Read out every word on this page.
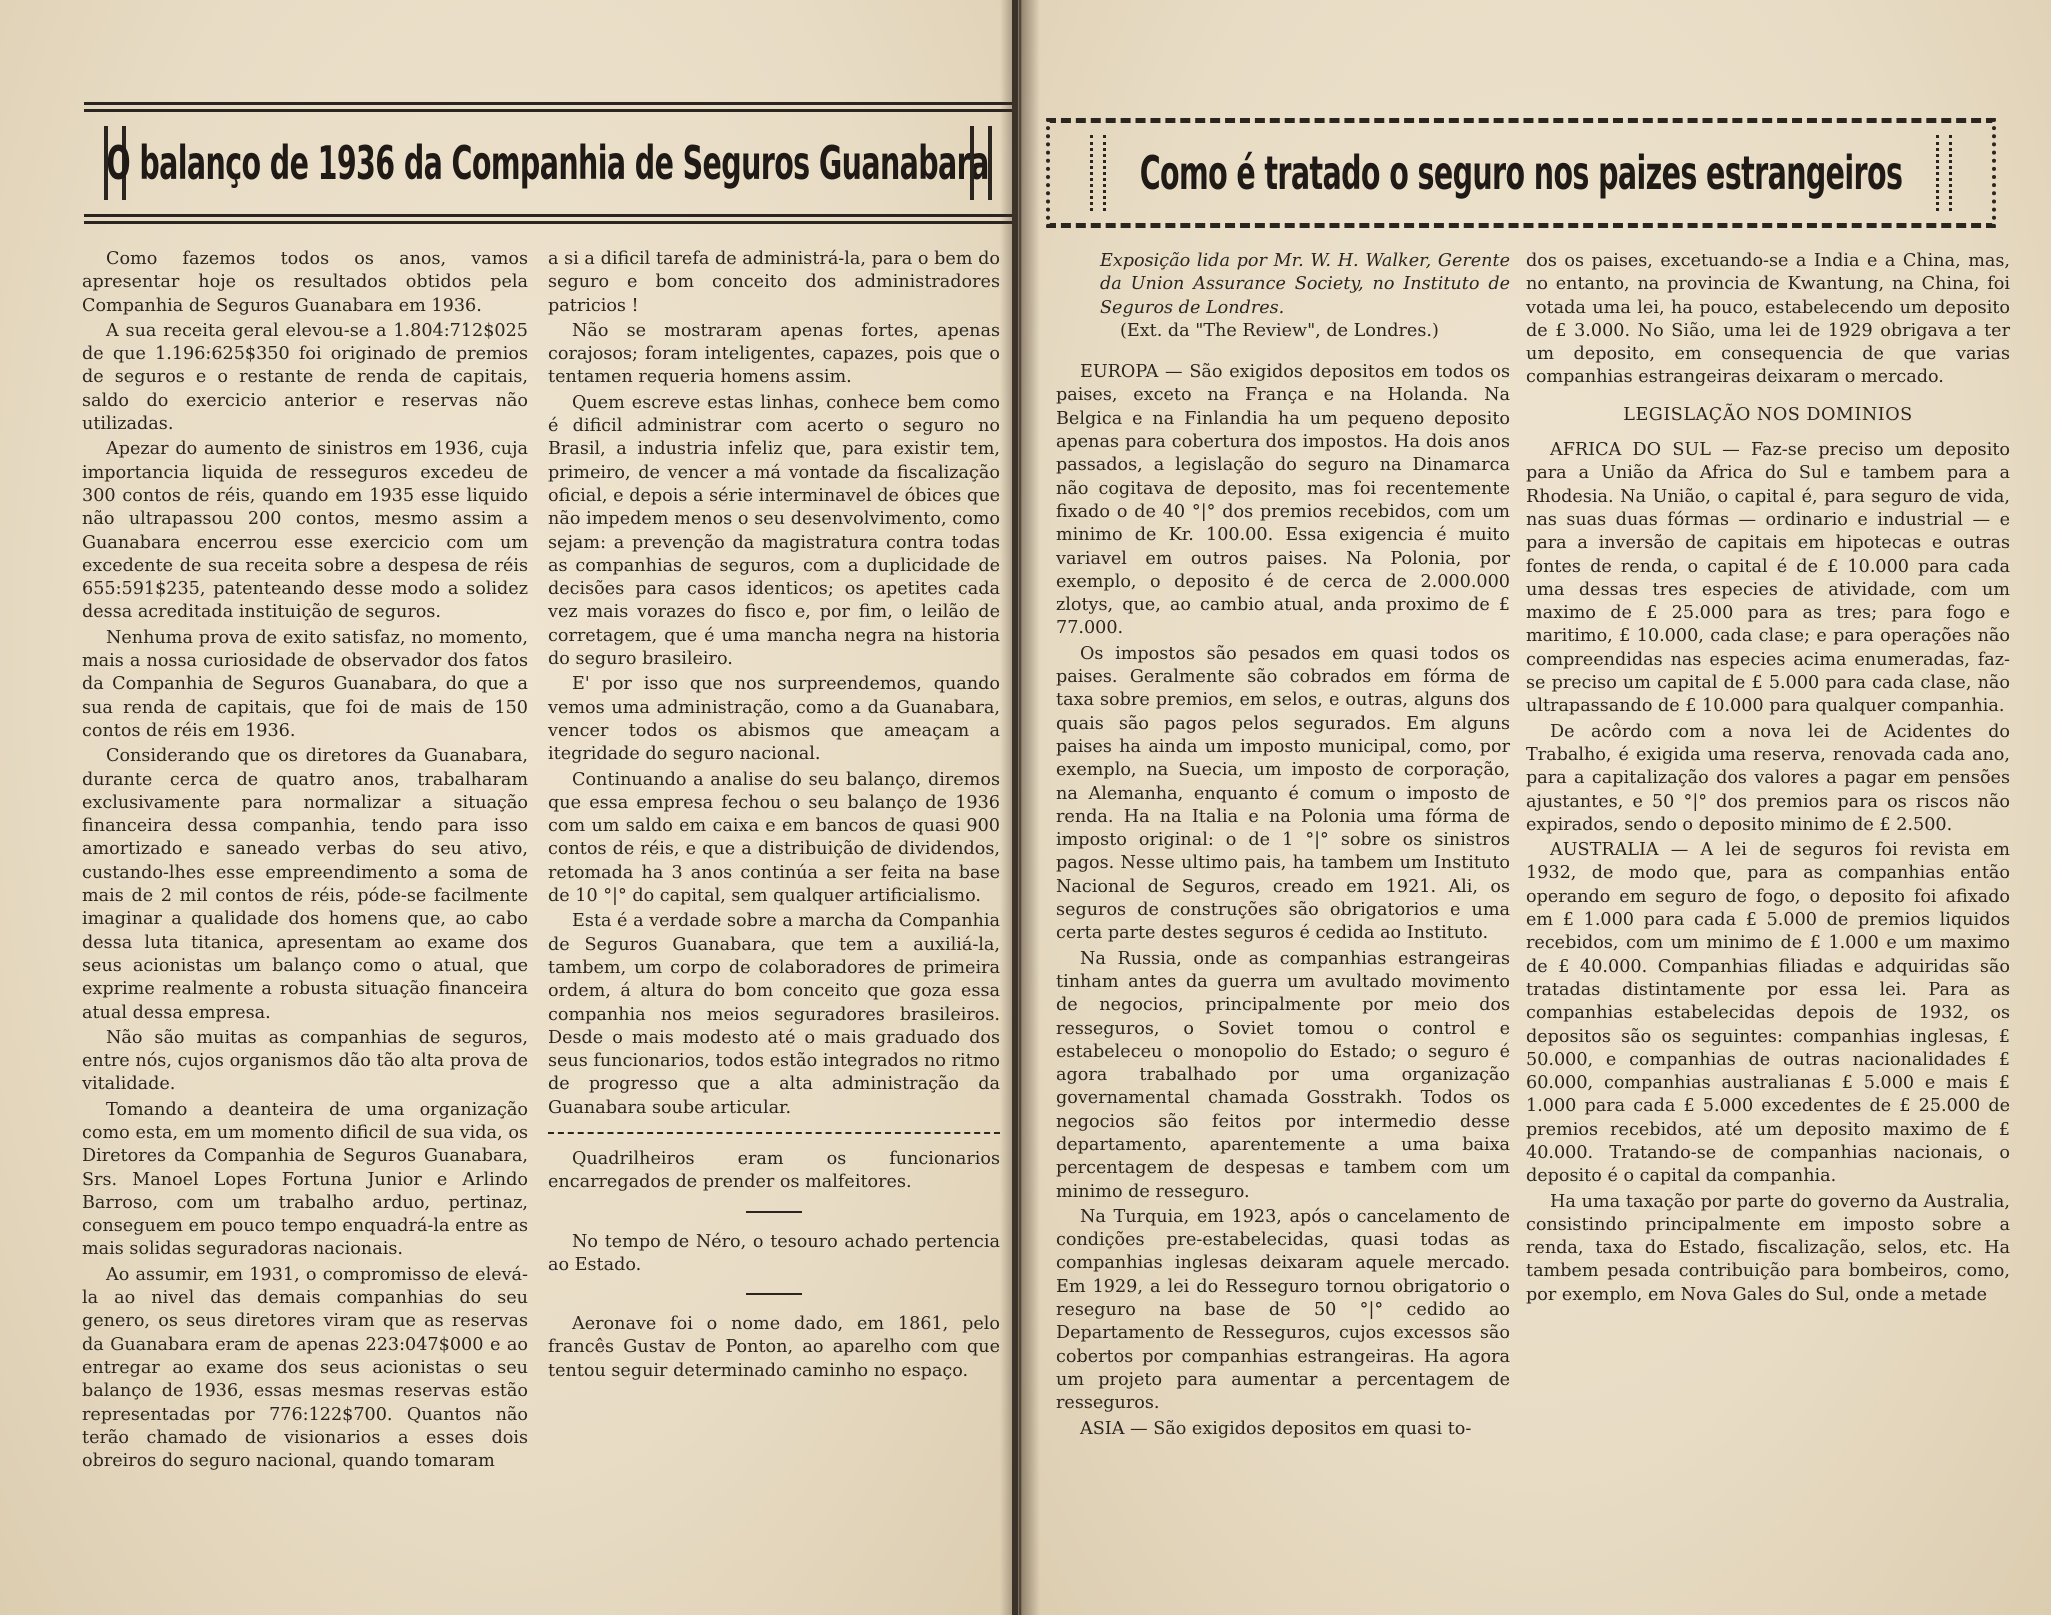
O balanço de 1936 da Companhia de Seguros Guanabara

Como fazemos todos os anos, vamos apresentar hoje os resultados obtidos pela Companhia de Seguros Guanabara em 1936.

A sua receita geral elevou-se a 1.804:712$025 de que 1.196:625$350 foi originado de premios de seguros e o restante de renda de capitais, saldo do exercicio anterior e reservas não utilizadas.

Apezar do aumento de sinistros em 1936, cuja importancia liquida de resseguros excedeu de 300 contos de réis, quando em 1935 esse liquido não ultrapassou 200 contos, mesmo assim a Guanabara encerrou esse exercicio com um excedente de sua receita sobre a despesa de réis 655:591$235, patenteando desse modo a solidez dessa acreditada instituição de seguros.

Nenhuma prova de exito satisfaz, no momento, mais a nossa curiosidade de observador dos fatos da Companhia de Seguros Guanabara, do que a sua renda de capitais, que foi de mais de 150 contos de réis em 1936.

Considerando que os diretores da Guanabara, durante cerca de quatro anos, trabalharam exclusivamente para normalizar a situação financeira dessa companhia, tendo para isso amortizado e saneado verbas do seu ativo, custando-lhes esse empreendimento a soma de mais de 2 mil contos de réis, póde-se facilmente imaginar a qualidade dos homens que, ao cabo dessa luta titanica, apresentam ao exame dos seus acionistas um balanço como o atual, que exprime realmente a robusta situação financeira atual dessa empresa.

Não são muitas as companhias de seguros, entre nós, cujos organismos dão tão alta prova de vitalidade.

Tomando a deanteira de uma organização como esta, em um momento dificil de sua vida, os Diretores da Companhia de Seguros Guanabara, Srs. Manoel Lopes Fortuna Junior e Arlindo Barroso, com um trabalho arduo, pertinaz, conseguem em pouco tempo enquadrá-la entre as mais solidas seguradoras nacionais.

Ao assumir, em 1931, o compromisso de elevá-la ao nivel das demais companhias do seu genero, os seus diretores viram que as reservas da Guanabara eram de apenas 223:047$000 e ao entregar ao exame dos seus acionistas o seu balanço de 1936, essas mesmas reservas estão representadas por 776:122$700. Quantos não terão chamado de visionarios a esses dois obreiros do seguro nacional, quando tomaram

a si a dificil tarefa de administrá-la, para o bem do seguro e bom conceito dos administradores patricios !

Não se mostraram apenas fortes, apenas corajosos; foram inteligentes, capazes, pois que o tentamen requeria homens assim.

Quem escreve estas linhas, conhece bem como é dificil administrar com acerto o seguro no Brasil, a industria infeliz que, para existir tem, primeiro, de vencer a má vontade da fiscalização oficial, e depois a série interminavel de óbices que não impedem menos o seu desenvolvimento, como sejam: a prevenção da magistratura contra todas as companhias de seguros, com a duplicidade de decisões para casos identicos; os apetites cada vez mais vorazes do fisco e, por fim, o leilão de corretagem, que é uma mancha negra na historia do seguro brasileiro.

E' por isso que nos surpreendemos, quando vemos uma administração, como a da Guanabara, vencer todos os abismos que ameaçam a itegridade do seguro nacional.

Continuando a analise do seu balanço, diremos que essa empresa fechou o seu balanço de 1936 com um saldo em caixa e em bancos de quasi 900 contos de réis, e que a distribuição de dividendos, retomada ha 3 anos continúa a ser feita na base de 10 °|° do capital, sem qualquer artificialismo.

Esta é a verdade sobre a marcha da Companhia de Seguros Guanabara, que tem a auxiliá-la, tambem, um corpo de colaboradores de primeira ordem, á altura do bom conceito que goza essa companhia nos meios seguradores brasileiros. Desde o mais modesto até o mais graduado dos seus funcionarios, todos estão integrados no ritmo de progresso que a alta administração da Guanabara soube articular.

Quadrilheiros eram os funcionarios encarregados de prender os malfeitores.

No tempo de Néro, o tesouro achado pertencia ao Estado.

Aeronave foi o nome dado, em 1861, pelo francês Gustav de Ponton, ao aparelho com que tentou seguir determinado caminho no espaço.

Como é tratado o seguro nos paizes estrangeiros

Exposição lida por Mr. W. H. Walker, Gerente da Union Assurance Society, no Instituto de Seguros de Londres.
(Ext. da "The Review", de Londres.)

EUROPA — São exigidos depositos em todos os paises, exceto na França e na Holanda. Na Belgica e na Finlandia ha um pequeno deposito apenas para cobertura dos impostos. Ha dois anos passados, a legislação do seguro na Dinamarca não cogitava de deposito, mas foi recentemente fixado o de 40 °|° dos premios recebidos, com um minimo de Kr. 100.00. Essa exigencia é muito variavel em outros paises. Na Polonia, por exemplo, o deposito é de cerca de 2.000.000 zlotys, que, ao cambio atual, anda proximo de £ 77.000.

Os impostos são pesados em quasi todos os paises. Geralmente são cobrados em fórma de taxa sobre premios, em selos, e outras, alguns dos quais são pagos pelos segurados. Em alguns paises ha ainda um imposto municipal, como, por exemplo, na Suecia, um imposto de corporação, na Alemanha, enquanto é comum o imposto de renda. Ha na Italia e na Polonia uma fórma de imposto original: o de 1 °|° sobre os sinistros pagos. Nesse ultimo pais, ha tambem um Instituto Nacional de Seguros, creado em 1921. Ali, os seguros de construções são obrigatorios e uma certa parte destes seguros é cedida ao Instituto.

Na Russia, onde as companhias estrangeiras tinham antes da guerra um avultado movimento de negocios, principalmente por meio dos resseguros, o Soviet tomou o control e estabeleceu o monopolio do Estado; o seguro é agora trabalhado por uma organização governamental chamada Gosstrakh. Todos os negocios são feitos por intermedio desse departamento, aparentemente a uma baixa percentagem de despesas e tambem com um minimo de resseguro.

Na Turquia, em 1923, após o cancelamento de condições pre-estabelecidas, quasi todas as companhias inglesas deixaram aquele mercado. Em 1929, a lei do Resseguro tornou obrigatorio o reseguro na base de 50 °|° cedido ao Departamento de Resseguros, cujos excessos são cobertos por companhias estrangeiras. Ha agora um projeto para aumentar a percentagem de resseguros.

ASIA — São exigidos depositos em quasi to-

dos os paises, excetuando-se a India e a China, mas, no entanto, na provincia de Kwantung, na China, foi votada uma lei, ha pouco, estabelecendo um deposito de £ 3.000. No Sião, uma lei de 1929 obrigava a ter um deposito, em consequencia de que varias companhias estrangeiras deixaram o mercado.

LEGISLAÇÃO NOS DOMINIOS

AFRICA DO SUL — Faz-se preciso um deposito para a União da Africa do Sul e tambem para a Rhodesia. Na União, o capital é, para seguro de vida, nas suas duas fórmas — ordinario e industrial — e para a inversão de capitais em hipotecas e outras fontes de renda, o capital é de £ 10.000 para cada uma dessas tres especies de atividade, com um maximo de £ 25.000 para as tres; para fogo e maritimo, £ 10.000, cada clase; e para operações não compreendidas nas especies acima enumeradas, faz-se preciso um capital de £ 5.000 para cada clase, não ultrapassando de £ 10.000 para qualquer companhia.

De acôrdo com a nova lei de Acidentes do Trabalho, é exigida uma reserva, renovada cada ano, para a capitalização dos valores a pagar em pensões ajustantes, e 50 °|° dos premios para os riscos não expirados, sendo o deposito minimo de £ 2.500.

AUSTRALIA — A lei de seguros foi revista em 1932, de modo que, para as companhias então operando em seguro de fogo, o deposito foi afixado em £ 1.000 para cada £ 5.000 de premios liquidos recebidos, com um minimo de £ 1.000 e um maximo de £ 40.000. Companhias filiadas e adquiridas são tratadas distintamente por essa lei. Para as companhias estabelecidas depois de 1932, os depositos são os seguintes: companhias inglesas, £ 50.000, e companhias de outras nacionalidades £ 60.000, companhias australianas £ 5.000 e mais £ 1.000 para cada £ 5.000 excedentes de £ 25.000 de premios recebidos, até um deposito maximo de £ 40.000. Tratando-se de companhias nacionais, o deposito é o capital da companhia.

Ha uma taxação por parte do governo da Australia, consistindo principalmente em imposto sobre a renda, taxa do Estado, fiscalização, selos, etc. Ha tambem pesada contribuição para bombeiros, como, por exemplo, em Nova Gales do Sul, onde a metade
